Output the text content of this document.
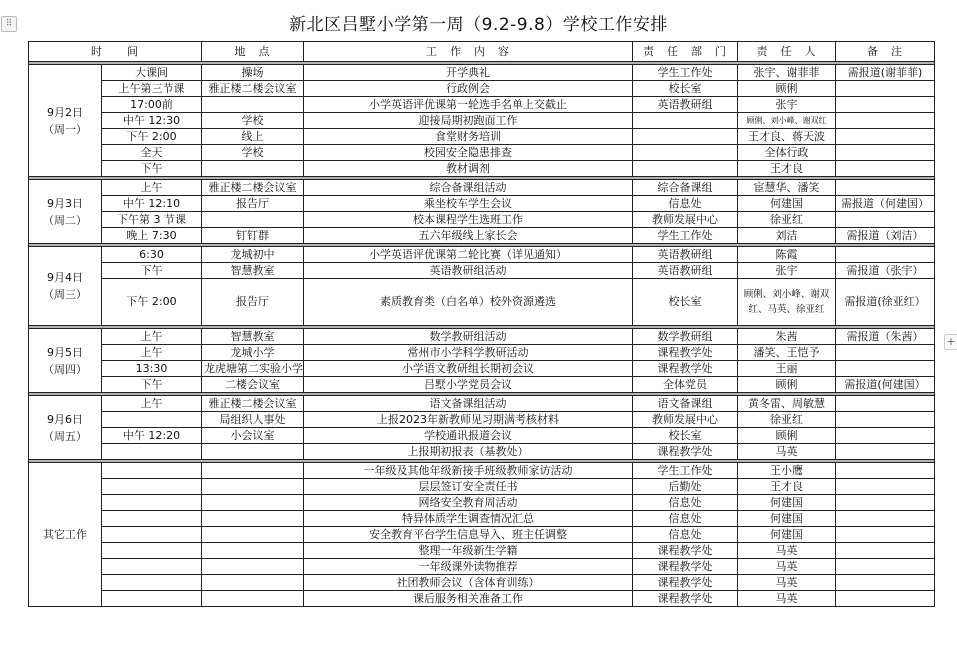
⠿	新北区吕墅小学第一周（9.2-9.8）学校工作安排
时　　间		地　点	工　作　内　容	责　任　部　门	责　任　人	备　注

9月2日
（周一）	大课间	操场	开学典礼	学生工作处	张宇、谢菲菲	需报道(谢菲菲)
	上午第三节课	雅正楼二楼会议室	行政例会	校长室	顾俐	
	17:00前		小学英语评优课第一轮选手名单上交截止	英语教研组	张宇	
	中午 12:30	学校	迎接局期初跑面工作		顾俐、刘小峰、谢双红	
	下午 2:00	线上	食堂财务培训		王才良、蒋天波	
	全天	学校	校园安全隐患排查		全体行政	
	下午		教材调剂		王才良	

9月3日
（周二）	上午	雅正楼二楼会议室	综合备课组活动	综合备课组	宦慧华、潘笑	
	中午 12:10	报告厅	乘坐校车学生会议	信息处	何建国	需报道（何建国）
	下午第 3 节课		校本课程学生选班工作	教师发展中心	徐亚红	
	晚上 7:30	钉钉群	五六年级线上家长会	学生工作处	刘洁	需报道（刘洁）

9月4日
（周三）	6:30	龙城初中	小学英语评优课第二轮比赛（详见通知）	英语教研组	陈霞	
	下午	智慧教室	英语教研组活动	英语教研组	张宇	需报道（张宇）
	下午 2:00	报告厅	素质教育类（白名单）校外资源遴选	校长室	顾俐、刘小峰、谢双红、马英、徐亚红	需报道(徐亚红）

9月5日
（周四）	上午	智慧教室	数学教研组活动	数学教研组	朱茜	需报道（朱茜）
	上午	龙城小学	常州市小学科学教研活动	课程教学处	潘笑、王恺予	
	13:30	龙虎塘第二实验小学	小学语文教研组长期初会议	课程教学处	王丽	
	下午	二楼会议室	吕墅小学党员会议	全体党员	顾俐	需报道(何建国）

9月6日
（周五）	上午	雅正楼二楼会议室	语文备课组活动	语文备课组	黄冬雷、周敏慧	
		局组织人事处	上报2023年新教师见习期满考核材料	教师发展中心	徐亚红	
	中午 12:20	小会议室	学校通讯报道会议	校长室	顾俐	
			上报期初报表（基教处）	课程教学处	马英	

其它工作			一年级及其他年级新接手班级教师家访活动	学生工作处	王小鹰	
			层层签订安全责任书	后勤处	王才良	
			网络安全教育周活动	信息处	何建国	
			特异体质学生调查情况汇总	信息处	何建国	
			安全教育平台学生信息导入、班主任调整	信息处	何建国	
			整理一年级新生学籍	课程教学处	马英	
			一年级课外读物推荐	课程教学处	马英	
			社团教师会议（含体育训练）	课程教学处	马英	
			课后服务相关准备工作	课程教学处	马英	
+
